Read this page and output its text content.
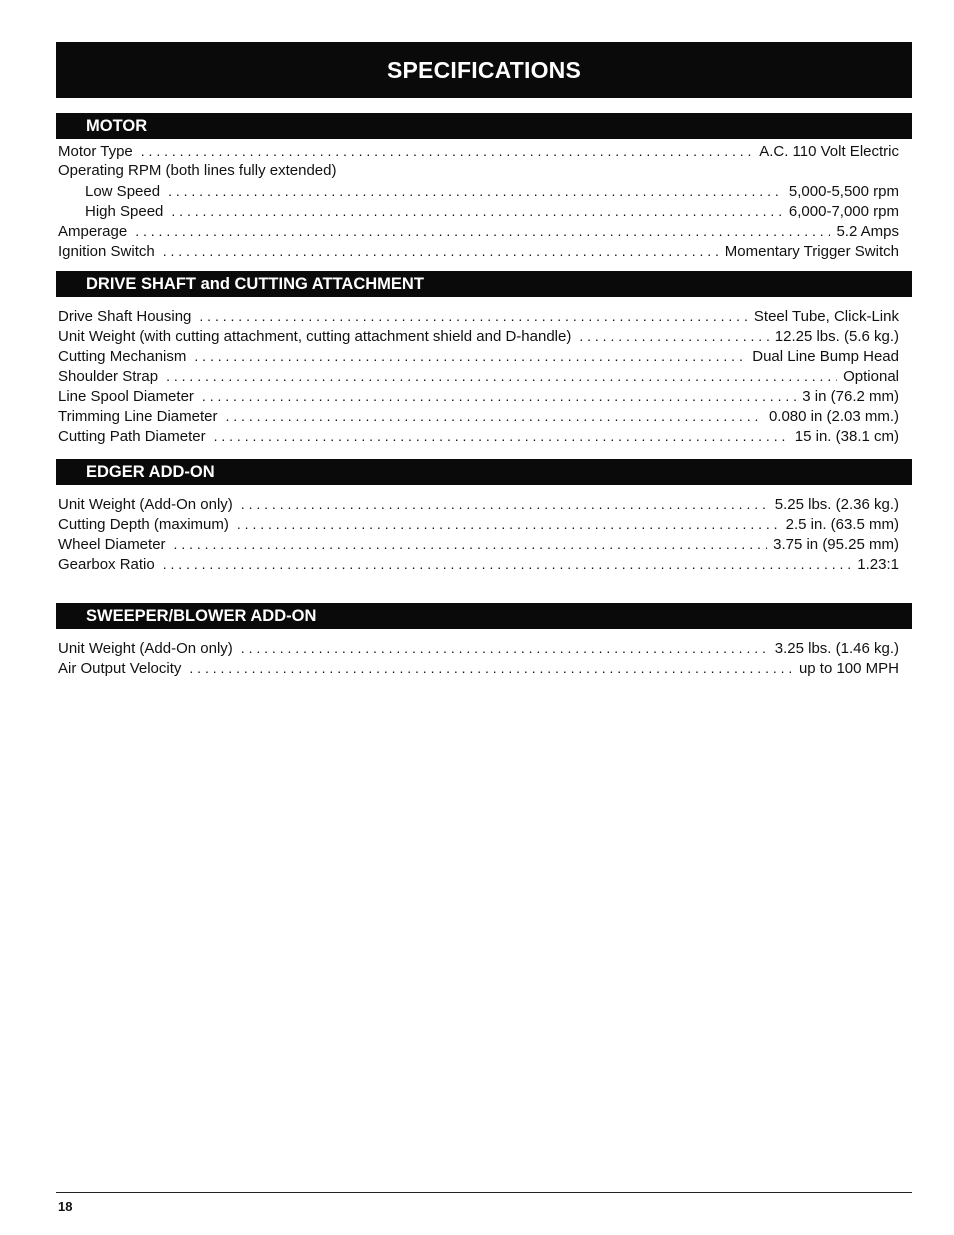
SPECIFICATIONS
MOTOR
Motor Type . . .	A.C. 110 Volt Electric
Operating RPM (both lines fully extended)
Low Speed . . .	5,000-5,500 rpm
High Speed . . .	6,000-7,000 rpm
Amperage . . .	5.2 Amps
Ignition Switch . . .	Momentary Trigger Switch
DRIVE SHAFT and CUTTING ATTACHMENT
Drive Shaft Housing . . .	Steel Tube, Click-Link
Unit Weight (with cutting attachment, cutting attachment shield and D-handle) . . .	12.25 lbs. (5.6 kg.)
Cutting Mechanism . . .	Dual Line Bump Head
Shoulder Strap . . .	Optional
Line Spool Diameter . . .	3 in (76.2 mm)
Trimming Line Diameter . . .	0.080 in (2.03 mm.)
Cutting Path Diameter . . .	15 in. (38.1 cm)
EDGER ADD-ON
Unit Weight (Add-On only) . . .	5.25 lbs. (2.36 kg.)
Cutting Depth (maximum) . . .	2.5 in. (63.5 mm)
Wheel Diameter . . .	3.75 in (95.25 mm)
Gearbox Ratio . . .	1.23:1
SWEEPER/BLOWER ADD-ON
Unit Weight (Add-On only) . . .	3.25 lbs. (1.46 kg.)
Air Output Velocity . . .	up to 100 MPH
18
